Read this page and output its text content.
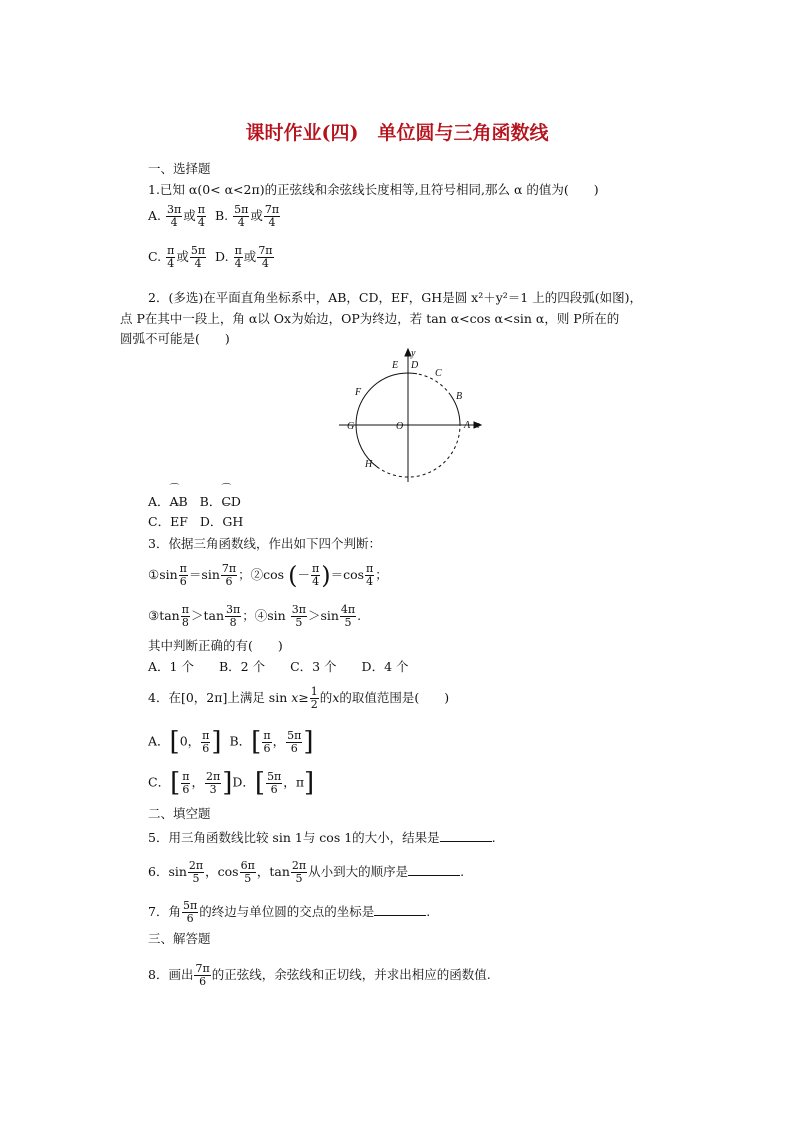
课时作业(四)　单位圆与三角函数线
一、选择题
1.已知 α(0< α<2π)的正弦线和余弦线长度相等,且符号相同,那么 α 的值为(　　)
A. $\frac{3\pi}{4}$ 或 $\frac{\pi}{4} B$. $\frac{5\pi}{4}$ 或 $\frac{7\pi}{4}$
C. $\frac{\pi}{4}$ 或 $\frac{5\pi}{4} D$. $\frac{\pi}{4}$ 或 $\frac{7\pi}{4}$
2．(多选)在平面直角坐标系中，AB，CD，EF，GH是圆 x²＋y²＝1 上的四段弧(如图)，
点 P在其中一段上，角 α以 Ox为始边，OP为终边，若 tan α<cos α<sin α，则 P所在的
圆弧不可能是(　　)
A
B
C
D
E
F
G
H
O	x
y
A．⌒ AB B．⌒ CD
C．⌒ EF D．⌒ GH
3．依据三角函数线，作出如下四个判断：
①sin $\frac{\pi}{6} =\sin \frac{7\pi}{6}$ ；②cos (－ $\frac{\pi}{4} )=\cos \frac{\pi}{4}$ ；
③tan $\frac{\pi}{8} >\tan \frac{3\pi}{8}$ ；④sin $\frac{3\pi}{5} >\sin \frac{4\pi}{5}$ .
其中判断正确的有(　　)
A．1 个　　B．2 个　　C．3 个　　D．4 个
4．在[0，2π]上满足 $\sin x\ge \frac{1}{2}$ 的x的取值范围是(　　)
A．[0， $\frac{\pi}{6}$ ] B．[ $\frac{\pi}{6}$ ， $\frac{5\pi}{6}$ ]
C．[ $\frac{\pi}{6}$ ， $\frac{2\pi}{3} ]D$．[ $\frac{5\pi}{6}$ ，π]
二、填空题
5．用三角函数线比较 sin 1与 cos 1的大小，结果是	.
6．$\sin \frac{2\pi}{5}$ ，$\cos \frac{6\pi}{5}$ ，$\tan \frac{2\pi}{5}$ 从小到大的顺序是	.
7．角 $\frac{5\pi}{6}$ 的终边与单位圆的交点的坐标是	.
三、解答题
8．画出 $\frac{7\pi}{6}$ 的正弦线，余弦线和正切线，并求出相应的函数值.
